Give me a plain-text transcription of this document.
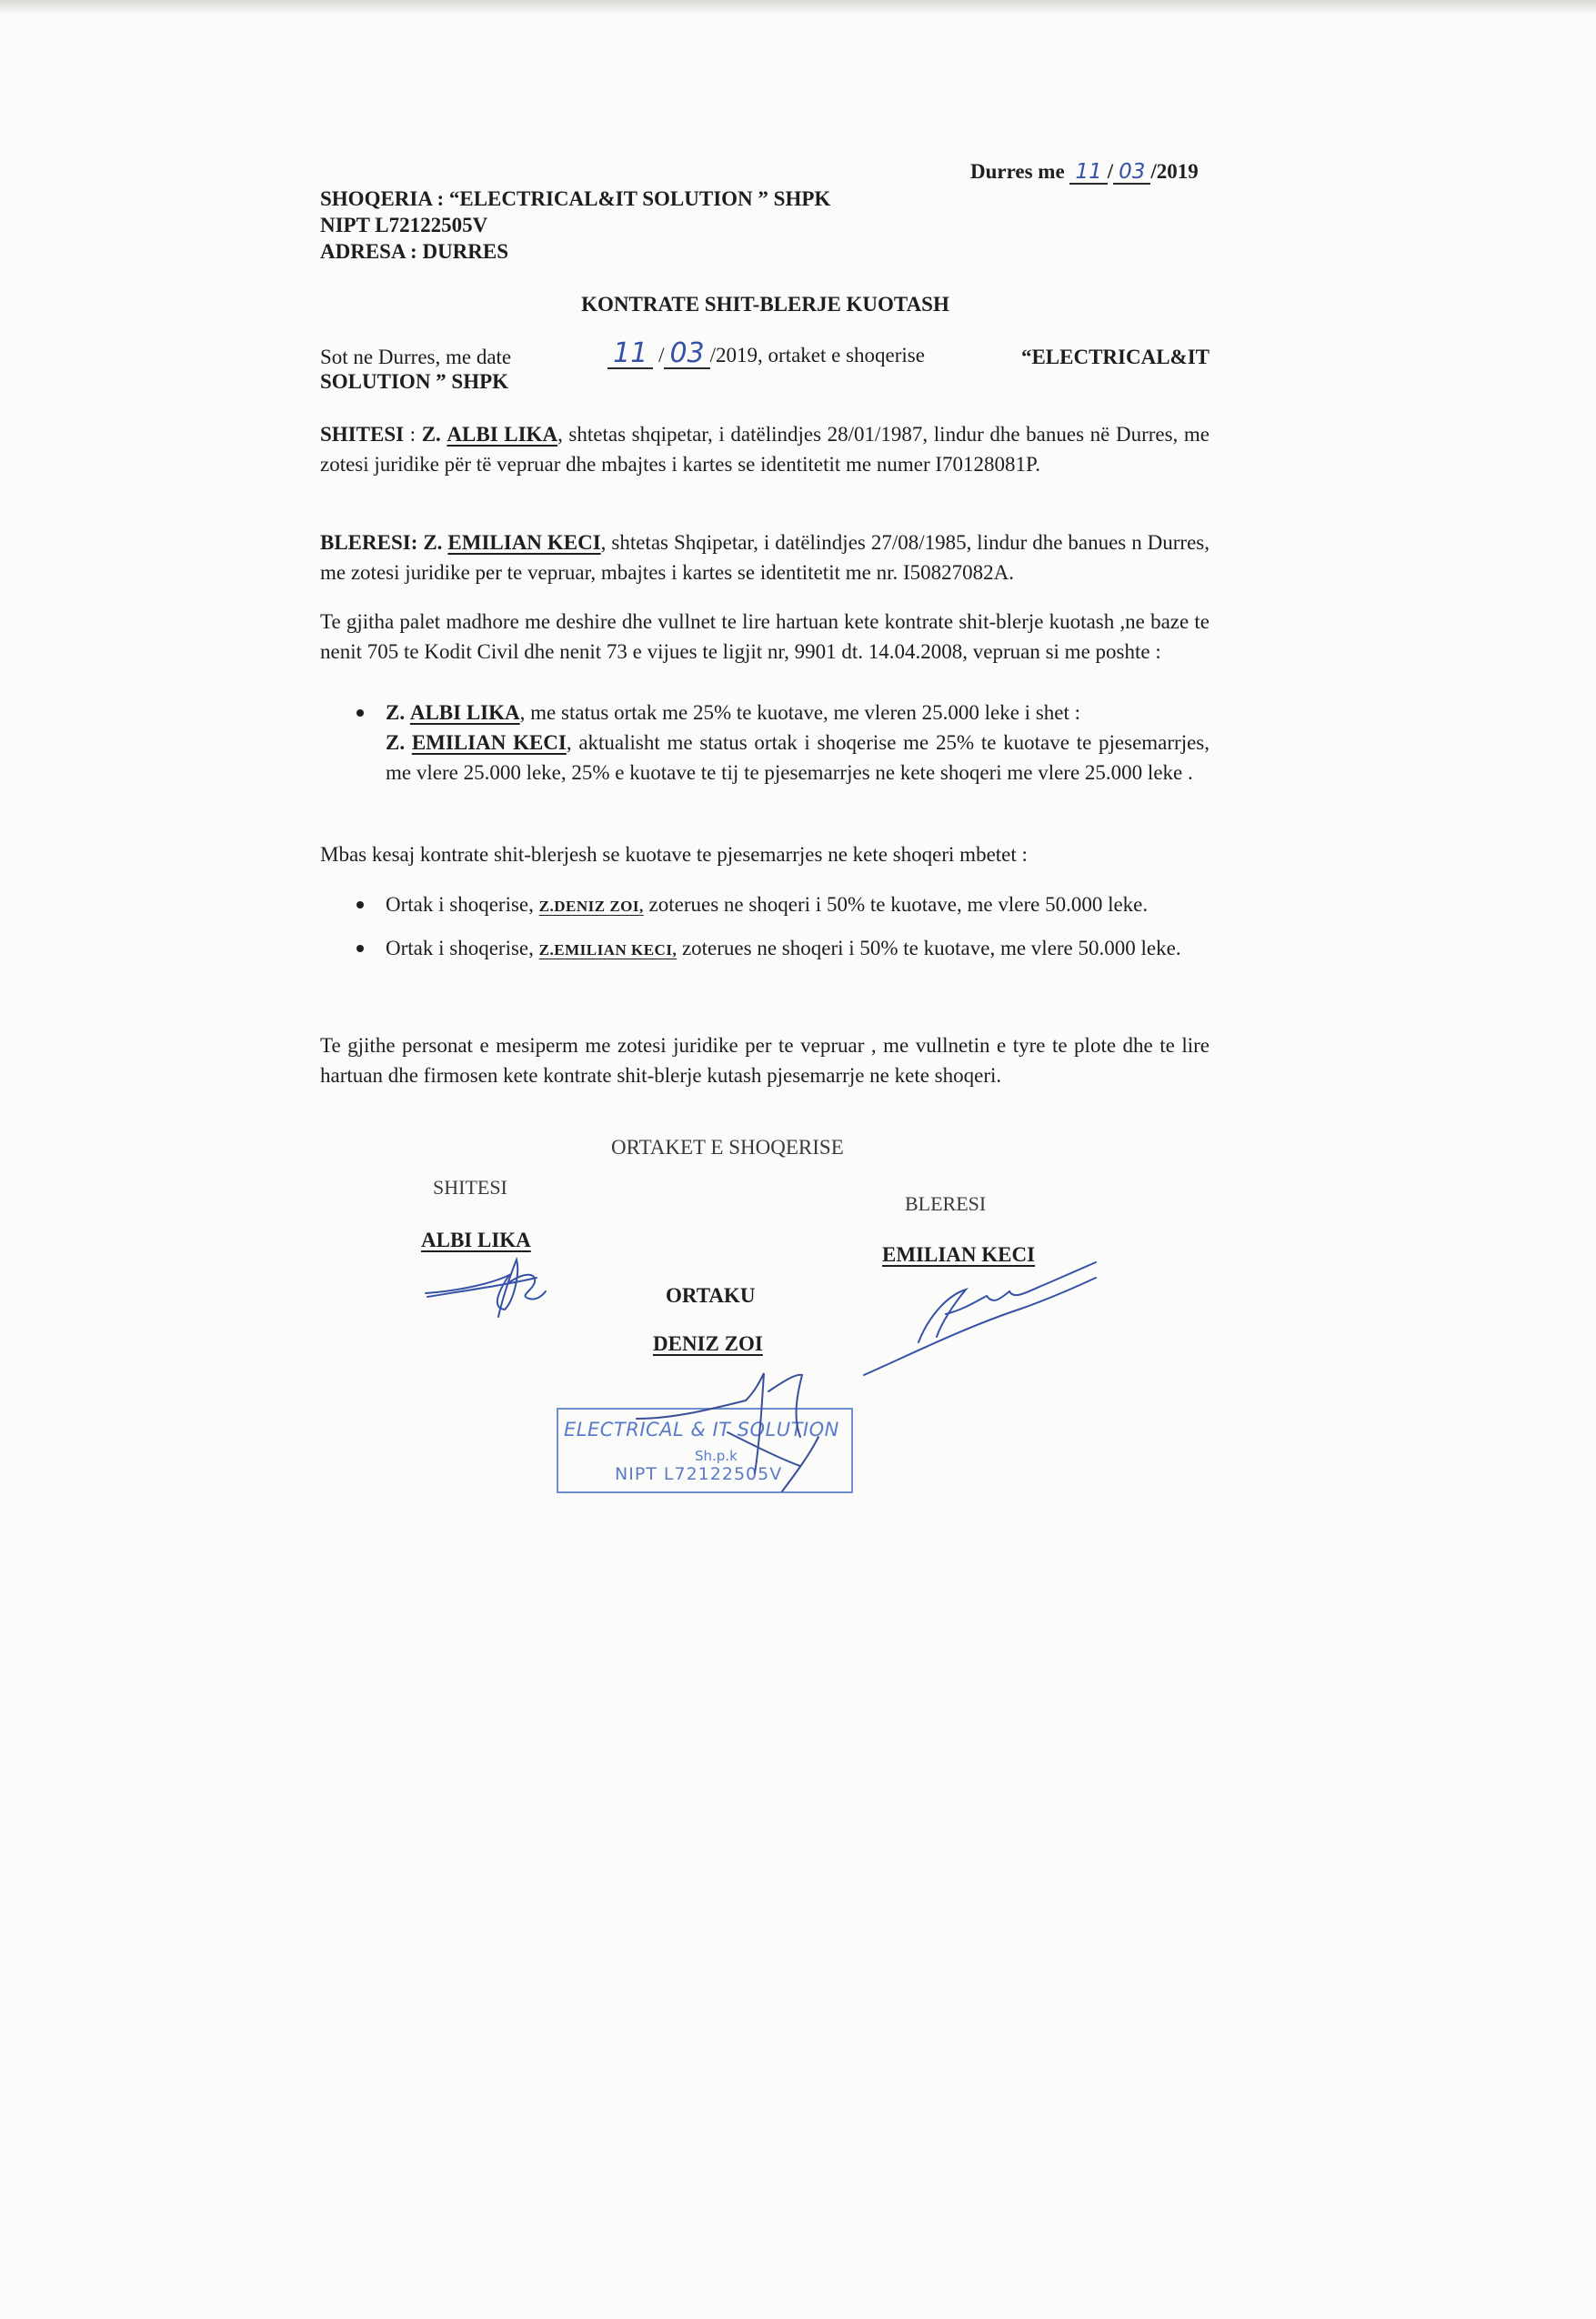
Durres me 11 / 03 /2019
SHOQERIA : “ELECTRICAL&IT SOLUTION ” SHPK
NIPT L72122505V
ADRESA : DURRES
KONTRATE SHIT-BLERJE KUOTASH
Sot ne Durres, me date	11 / 03 /2019, ortaket e shoqerise	“ELECTRICAL&IT
SOLUTION ” SHPK
SHITESI : Z. ALBI LIKA, shtetas shqipetar, i datëlindjes 28/01/1987, lindur dhe banues në Durres, me zotesi juridike për të vepruar dhe mbajtes i kartes se identitetit me numer I70128081P.
BLERESI: Z. EMILIAN KECI, shtetas Shqipetar, i datëlindjes 27/08/1985, lindur dhe banues n Durres, me zotesi juridike per te vepruar, mbajtes i kartes se identitetit me nr. I50827082A.
Te gjitha palet madhore me deshire dhe vullnet te lire hartuan kete kontrate shit-blerje kuotash ,ne baze te nenit 705 te Kodit Civil dhe nenit 73 e vijues te ligjit nr, 9901 dt. 14.04.2008, vepruan si me poshte :
Z. ALBI LIKA, me status ortak me 25% te kuotave, me vleren 25.000 leke i shet :
Z. EMILIAN KECI, aktualisht me status ortak i shoqerise me 25% te kuotave te pjesemarrjes, me vlere 25.000 leke, 25% e kuotave te tij te pjesemarrjes ne kete shoqeri me vlere 25.000 leke .
Mbas kesaj kontrate shit-blerjesh se kuotave te pjesemarrjes ne kete shoqeri mbetet :
Ortak i shoqerise, Z.DENIZ ZOI, zoterues ne shoqeri i 50% te kuotave, me vlere 50.000 leke.
Ortak i shoqerise, Z.EMILIAN KECI, zoterues ne shoqeri i 50% te kuotave, me vlere 50.000 leke.
Te gjithe personat e mesiperm me zotesi juridike per te vepruar , me vullnetin e tyre te plote dhe te lire hartuan dhe firmosen kete kontrate shit-blerje kutash pjesemarrje ne kete shoqeri.
ORTAKET E SHOQERISE
SHITESI
BLERESI
ALBI LIKA
EMILIAN KECI
ORTAKU
DENIZ ZOI
ELECTRICAL & IT SOLUTION
Sh.p.k
NIPT L72122505V
